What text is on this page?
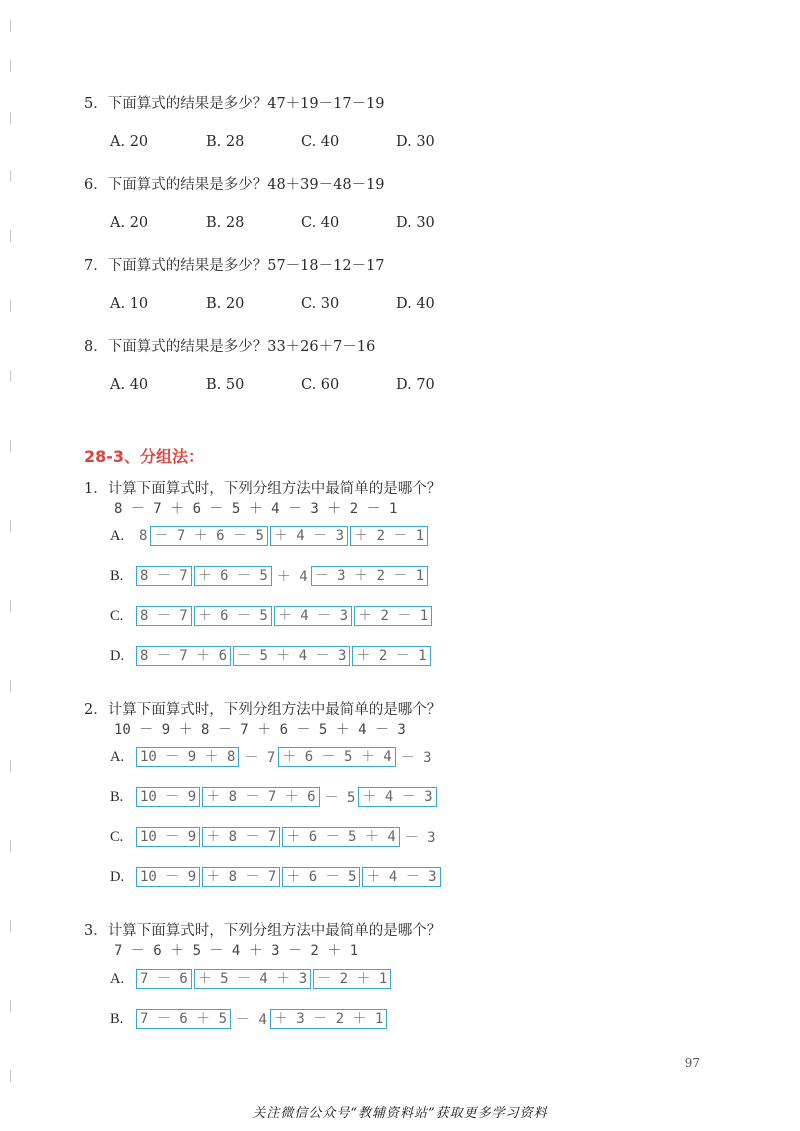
5．下面算式的结果是多少？47＋19－17－19
A. 20	B. 28	C. 40	D. 30
6．下面算式的结果是多少？48＋39－48－19
A. 20	B. 28	C. 40	D. 30
7．下面算式的结果是多少？57－18－12－17
A. 10	B. 20	C. 30	D. 40
8．下面算式的结果是多少？33＋26＋7－16
A. 40	B. 50	C. 60	D. 70
28-3、分组法：
1．计算下面算式时，下列分组方法中最简单的是哪个？
8 － 7 ＋ 6 － 5 ＋ 4 － 3 ＋ 2 － 1
A.	8 － 7 ＋ 6 － 5 ＋ 4 － 3 ＋ 2 － 1
B.	8 － 7 ＋ 6 － 5 ＋ 4 － 3 ＋ 2 － 1
C.	8 － 7 ＋ 6 － 5 ＋ 4 － 3 ＋ 2 － 1
D.	8 － 7 ＋ 6 － 5 ＋ 4 － 3 ＋ 2 － 1
2．计算下面算式时，下列分组方法中最简单的是哪个？
10 － 9 ＋ 8 － 7 ＋ 6 － 5 ＋ 4 － 3
A.	10 － 9 ＋ 8 － 7 ＋ 6 － 5 ＋ 4 － 3
B.	10 － 9 ＋ 8 － 7 ＋ 6 － 5 ＋ 4 － 3
C.	10 － 9 ＋ 8 － 7 ＋ 6 － 5 ＋ 4 － 3
D.	10 － 9 ＋ 8 － 7 ＋ 6 － 5 ＋ 4 － 3
3．计算下面算式时，下列分组方法中最简单的是哪个？
7 － 6 ＋ 5 － 4 ＋ 3 － 2 ＋ 1
A.	7 － 6 ＋ 5 － 4 ＋ 3 － 2 ＋ 1
B.	7 － 6 ＋ 5 － 4 ＋ 3 － 2 ＋ 1
97
关注微信公众号“教辅资料站”获取更多学习资料
